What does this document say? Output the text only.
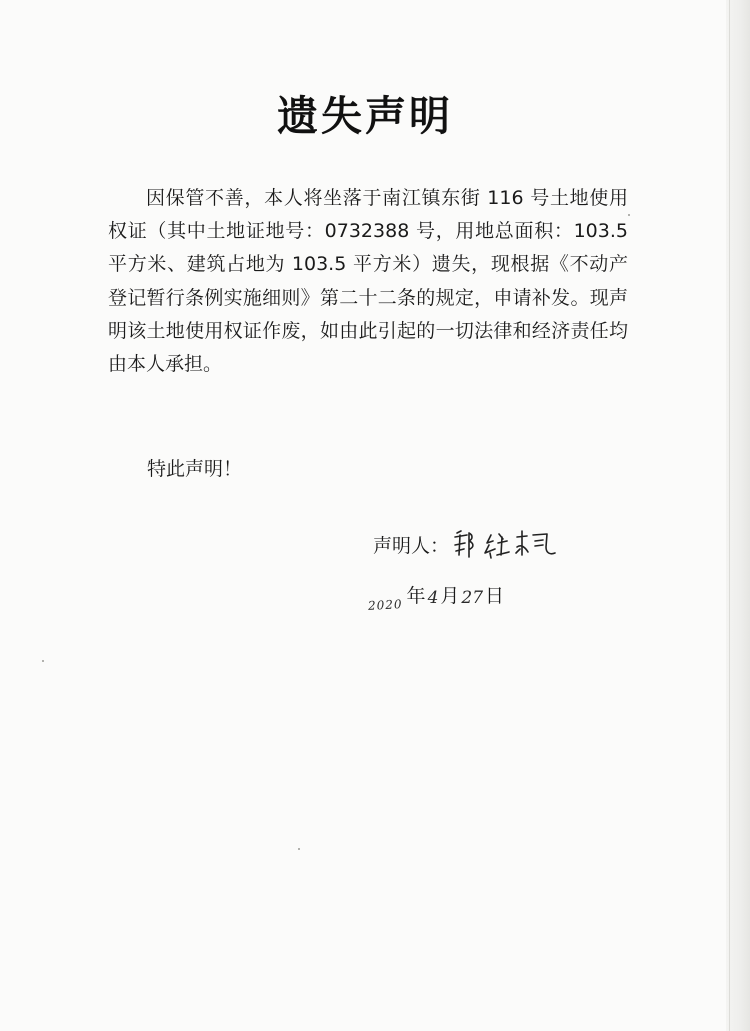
遗失声明

因保管不善，本人将坐落于南江镇东街 116 号土地使用权证（其中土地证地号：0732388 号，用地总面积：103.5 平方米、建筑占地为 103.5 平方米）遗失，现根据《不动产登记暂行条例实施细则》第二十二条的规定，申请补发。现声明该土地使用权证作废，如由此引起的一切法律和经济责任均由本人承担。

特此声明！
声明人：
2020 年 4 月 27 日
